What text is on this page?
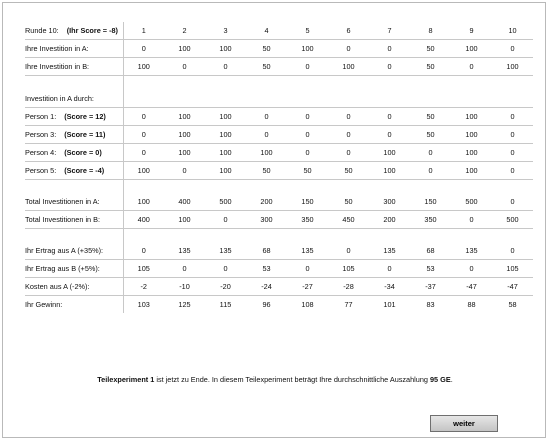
Runde 10: (Ihr Score = -8)	1	2	3	4	5	6	7	8	9	10
Ihre Investition in A:	0	100	100	50	100	0	0	50	100	0
Ihre Investition in B:	100	0	0	50	0	100	0	50	0	100

Investition in A durch:										
Person 1: (Score = 12)	0	100	100	0	0	0	0	50	100	0
Person 3: (Score = 11)	0	100	100	0	0	0	0	50	100	0
Person 4: (Score = 0)	0	100	100	100	0	0	100	0	100	0
Person 5: (Score = -4)	100	0	100	50	50	50	100	0	100	0

Total Investitionen in A:	100	400	500	200	150	50	300	150	500	0
Total Investitionen in B:	400	100	0	300	350	450	200	350	0	500

Ihr Ertrag aus A (+35%):	0	135	135	68	135	0	135	68	135	0
Ihr Ertrag aus B (+5%):	105	0	0	53	0	105	0	53	0	105
Kosten aus A (-2%):	-2	-10	-20	-24	-27	-28	-34	-37	-47	-47
Ihr Gewinn:	103	125	115	96	108	77	101	83	88	58
Teilexperiment 1 ist jetzt zu Ende. In diesem Teilexperiment beträgt Ihre durchschnittliche Auszahlung 95 GE.
weiter
